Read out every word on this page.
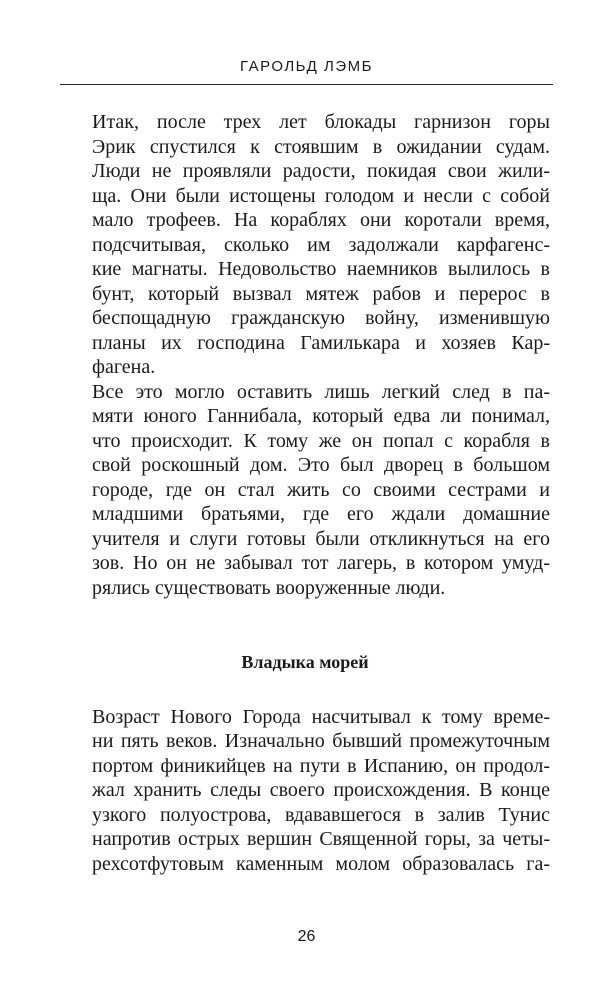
ГАРОЛЬД ЛЭМБ
Итак, после трех лет блокады гарнизон горы
Эрик спустился к стоявшим в ожидании судам.
Люди не проявляли радости, покидая свои жили-
ща. Они были истощены голодом и несли с собой
мало трофеев. На кораблях они коротали время,
подсчитывая, сколько им задолжали карфагенс-
кие магнаты. Недовольство наемников вылилось в
бунт, который вызвал мятеж рабов и перерос в
беспощадную гражданскую войну, изменившую
планы их господина Гамилькара и хозяев Кар-
фагена.
Все это могло оставить лишь легкий след в па-
мяти юного Ганнибала, который едва ли понимал,
что происходит. К тому же он попал с корабля в
свой роскошный дом. Это был дворец в большом
городе, где он стал жить со своими сестрами и
младшими братьями, где его ждали домашние
учителя и слуги готовы были откликнуться на его
зов. Но он не забывал тот лагерь, в котором умуд-
рялись существовать вооруженные люди.
Владыка морей
Возраст Нового Города насчитывал к тому време-
ни пять веков. Изначально бывший промежуточным
портом финикийцев на пути в Испанию, он продол-
жал хранить следы своего происхождения. В конце
узкого полуострова, вдававшегося в залив Тунис
напротив острых вершин Священной горы, за четы-
рехсотфутовым каменным молом образовалась га-
26
